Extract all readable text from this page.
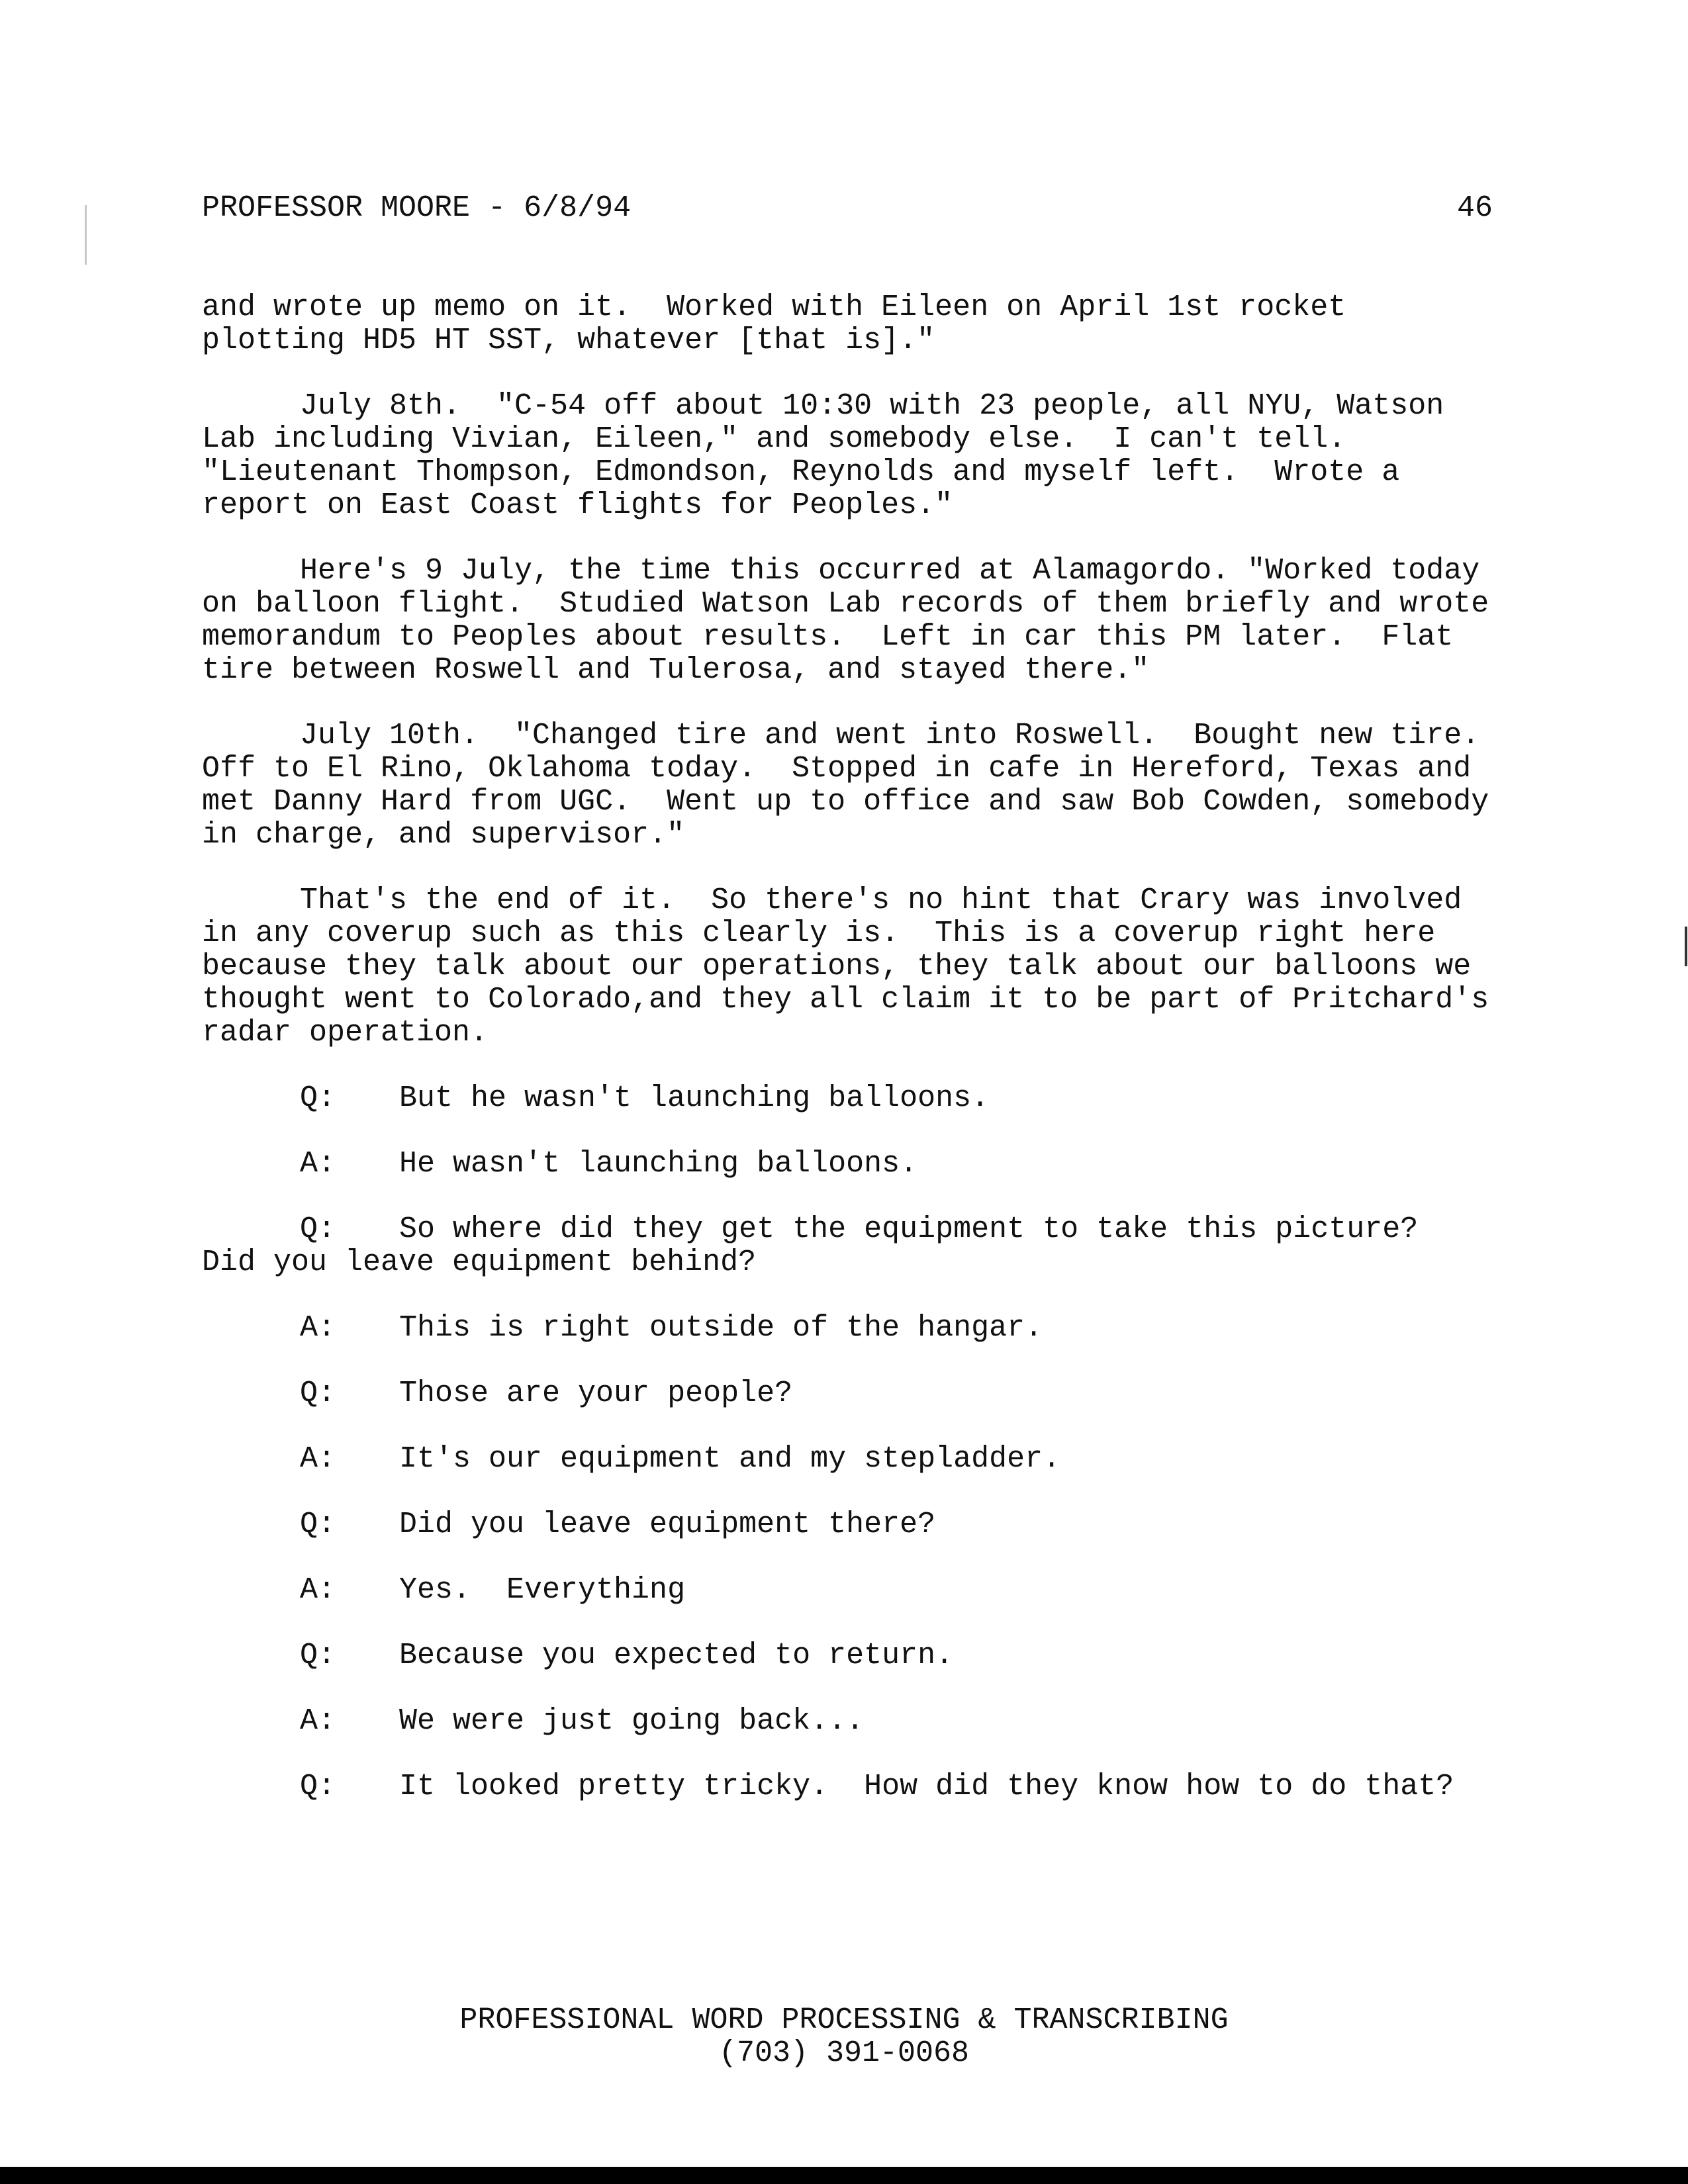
PROFESSOR MOORE - 6/8/94	46

and wrote up memo on it.  Worked with Eileen on April 1st rocket plotting HD5 HT SST, whatever [that is]."

July 8th.  "C-54 off about 10:30 with 23 people, all NYU, Watson Lab including Vivian, Eileen," and somebody else.  I can't tell.  "Lieutenant Thompson, Edmondson, Reynolds and myself left.  Wrote a report on East Coast flights for Peoples."

Here's 9 July, the time this occurred at Alamagordo. "Worked today on balloon flight.  Studied Watson Lab records of them briefly and wrote memorandum to Peoples about results.  Left in car this PM later.  Flat tire between Roswell and Tulerosa, and stayed there."

July 10th.  "Changed tire and went into Roswell.  Bought new tire.  Off to El Rino, Oklahoma today.  Stopped in cafe in Hereford, Texas and met Danny Hard from UGC.  Went up to office and saw Bob Cowden, somebody in charge, and supervisor."

That's the end of it.  So there's no hint that Crary was involved in any coverup such as this clearly is.  This is a coverup right here because they talk about our operations, they talk about our balloons we thought went to Colorado,and they all claim it to be part of Pritchard's radar operation.

Q: But he wasn't launching balloons.

A: He wasn't launching balloons.

Q: So where did they get the equipment to take this picture?  Did you leave equipment behind?

A: This is right outside of the hangar.

Q: Those are your people?

A: It's our equipment and my stepladder.

Q: Did you leave equipment there?

A: Yes.  Everything

Q: Because you expected to return.

A: We were just going back...

Q: It looked pretty tricky.  How did they know how to do that?

PROFESSIONAL WORD PROCESSING & TRANSCRIBING
(703) 391-0068
